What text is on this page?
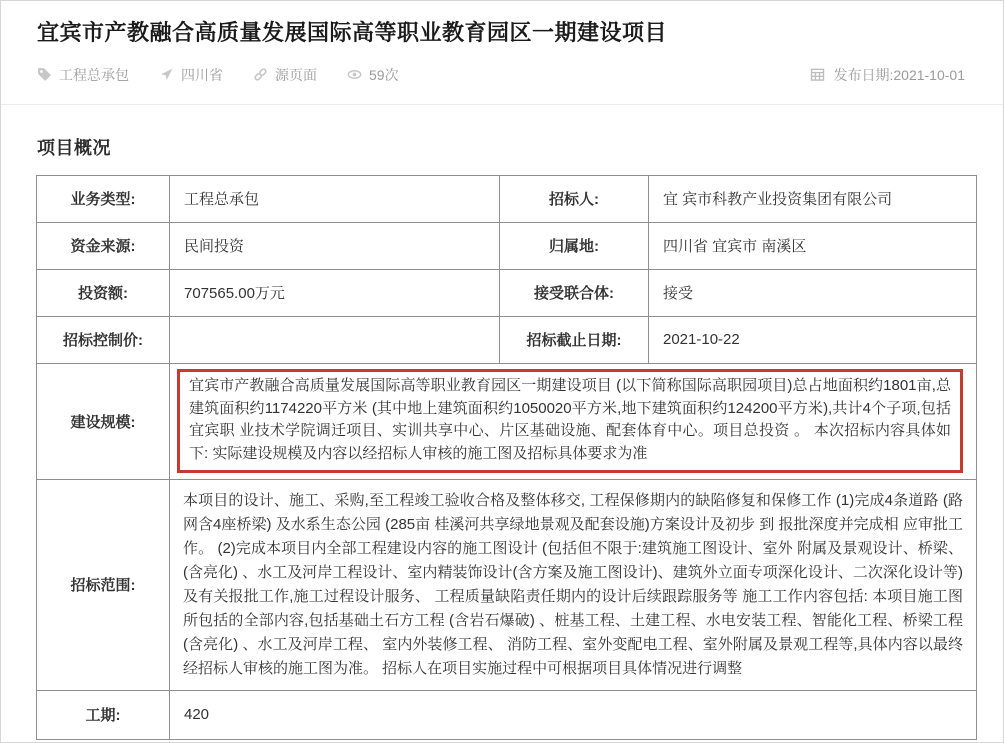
宜宾市产教融合高质量发展国际高等职业教育园区一期建设项目
工程总承包	四川省	源页面	59次	发布日期:2021-10-01
项目概况
业务类型:	工程总承包	招标人:	宜 宾市科教产业投资集团有限公司
资金来源:	民间投资	归属地:	四川省 宜宾市 南溪区
投资额:	707565.00万元	接受联合体:	接受
招标控制价:		招标截止日期:	2021-10-22
建设规模:	宜宾市产教融合高质量发展国际高等职业教育园区一期建设项目 (以下简称国际高职园项目)总占地面积约1801亩,总建筑面积约1174220平方米 (其中地上建筑面积约1050020平方米,地下建筑面积约124200平方米),共计4个子项,包括宜宾职 业技术学院调迁项目、实训共享中心、片区基础设施、配套体育中心。项目总投资 。 本次招标内容具体如下: 实际建设规模及内容以经招标人审核的施工图及招标具体要求为准		

招标范围:	本项目的设计、施工、采购,至工程竣工验收合格及整体移交, 工程保修期内的缺陷修复和保修工作 (1)完成4条道路 (路网含4座桥梁) 及水系生态公园 (285亩 桂溪河共享绿地景观及配套设施)方案设计及初步 到 报批深度并完成相 应审批工作。 (2)完成本项目内全部工程建设内容的施工图设计 (包括但不限于:建筑施工图设计、室外 附属及景观设计、桥梁、(含亮化) 、水工及河岸工程设计、室内精装饰设计(含方案及施工图设计)、建筑外立面专项深化设计、二次深化设计等)及有关报批工作,施工过程设计服务、 工程质量缺陷责任期内的设计后续跟踪服务等 施工工作内容包括: 本项目施工图所包括的全部内容,包括基础土石方工程 (含岩石爆破) 、桩基工程、土建工程、水电安装工程、智能化工程、桥梁工程 (含亮化) 、水工及河岸工程、 室内外装修工程、 消防工程、室外变配电工程、室外附属及景观工程等,具体内容以最终经招标人审核的施工图为准。 招标人在项目实施过程中可根据项目具体情况进行调整		
工期:	420		
